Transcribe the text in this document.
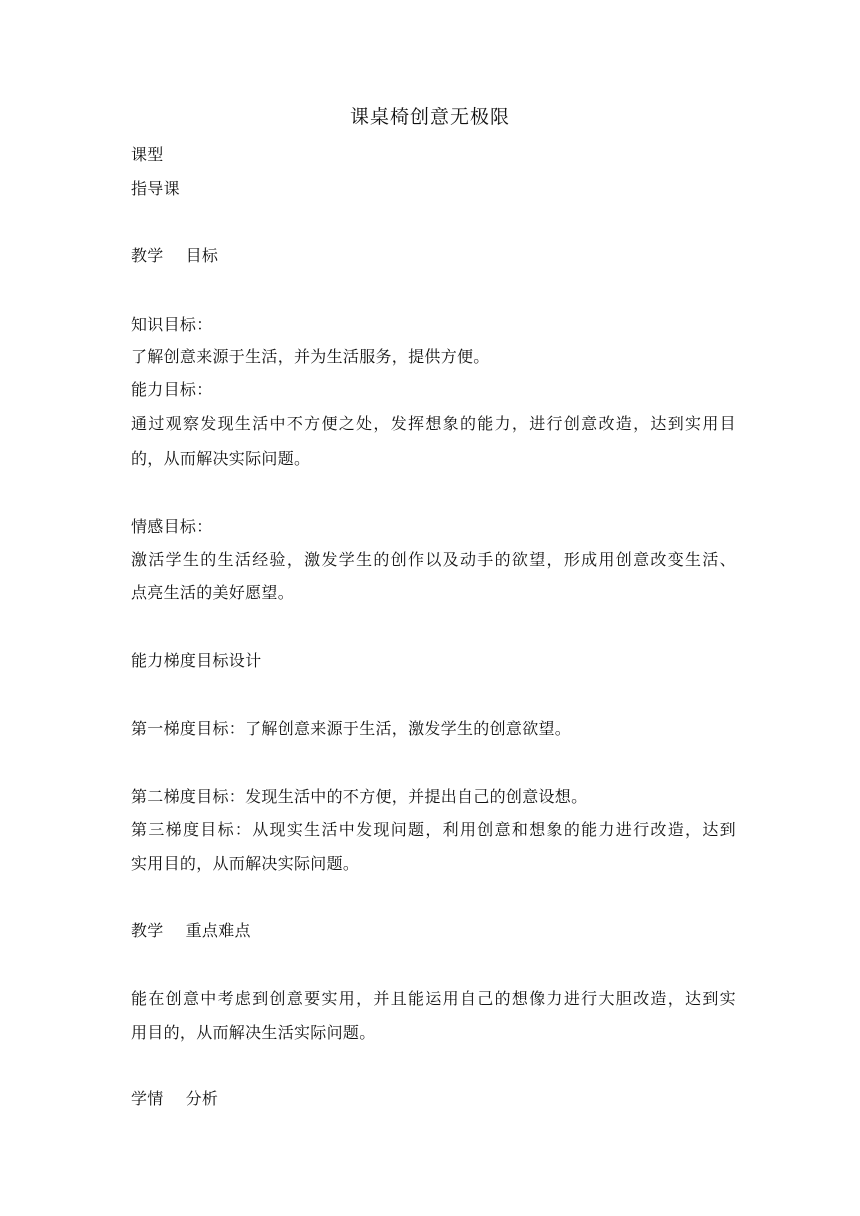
课桌椅创意无极限
课型
指导课
教学 目标
知识目标：
了解创意来源于生活，并为生活服务，提供方便。
能力目标：
通过观察发现生活中不方便之处，发挥想象的能力，进行创意改造，达到实用目
的，从而解决实际问题。
情感目标：
激活学生的生活经验，激发学生的创作以及动手的欲望，形成用创意改变生活、
点亮生活的美好愿望。
能力梯度目标设计
第一梯度目标：了解创意来源于生活，激发学生的创意欲望。
第二梯度目标：发现生活中的不方便，并提出自己的创意设想。
第三梯度目标：从现实生活中发现问题，利用创意和想象的能力进行改造，达到
实用目的，从而解决实际问题。
教学 重点难点
能在创意中考虑到创意要实用，并且能运用自己的想像力进行大胆改造，达到实
用目的，从而解决生活实际问题。
学情 分析
